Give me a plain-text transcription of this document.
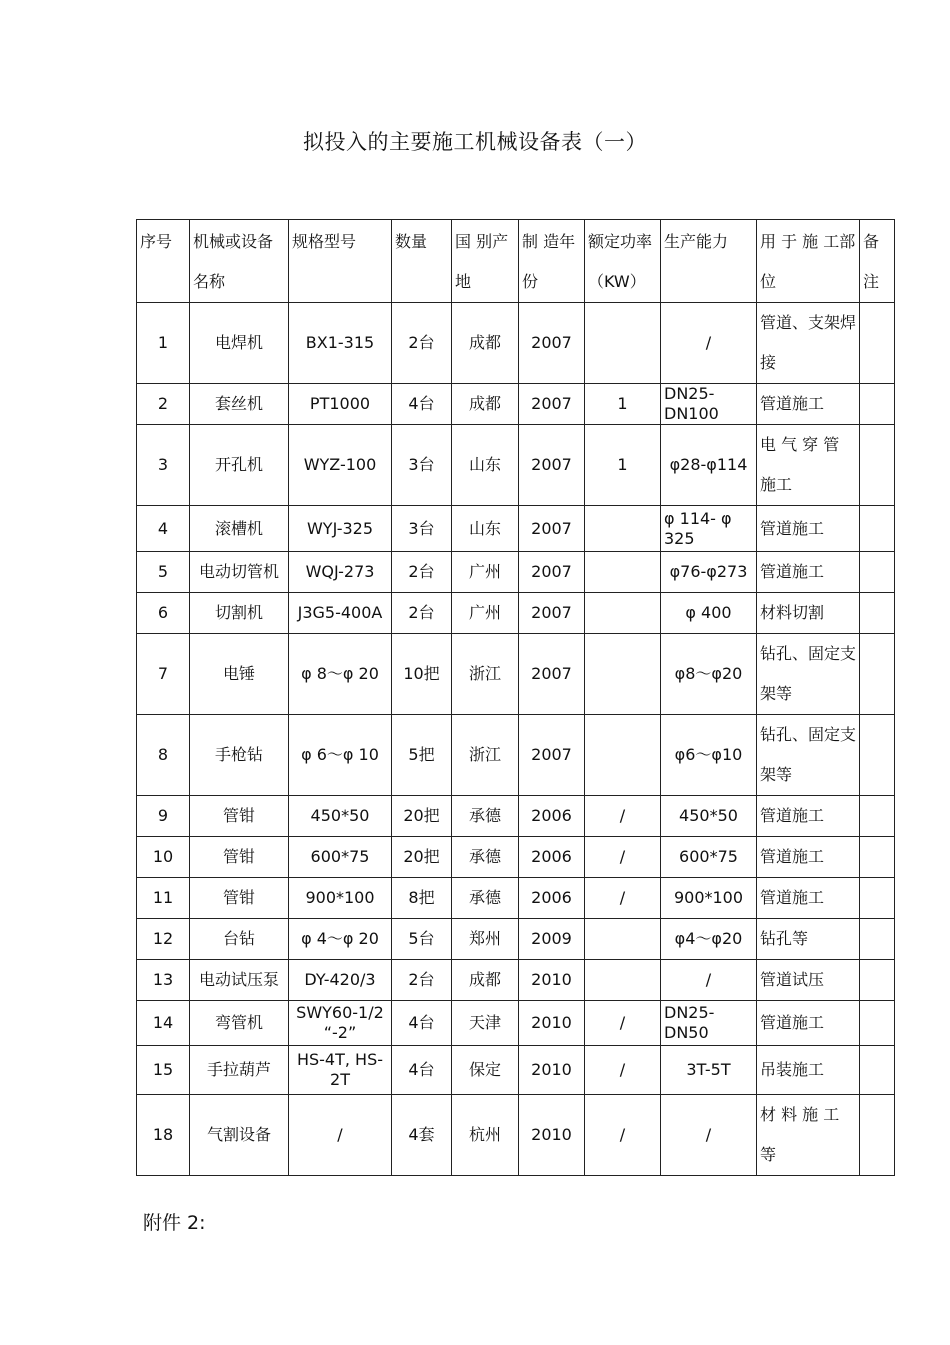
拟投入的主要施工机械设备表（一）
序号	机械或设备名称	规格型号	数量	国 别产地	制 造年份	额定功率（KW）	生产能力	用 于 施 工部位	备注
1	电焊机	BX1-315	2台	成都	2007		/	管道、支架焊接	
2	套丝机	PT1000	4台	成都	2007	1	DN25-DN100	管道施工	
3	开孔机	WYZ-100	3台	山东	2007	1	φ28-φ114	电 气 穿 管 施工	
4	滚槽机	WYJ-325	3台	山东	2007		φ 114- φ 325	管道施工	
5	电动切管机	WQJ-273	2台	广州	2007		φ76-φ273	管道施工	
6	切割机	J3G5-400A	2台	广州	2007		φ 400	材料切割	
7	电锤	φ 8～φ 20	10把	浙江	2007		φ8～φ20	钻孔、固定支架等	
8	手枪钻	φ 6～φ 10	5把	浙江	2007		φ6～φ10	钻孔、固定支架等	
9	管钳	450*50	20把	承德	2006	/	450*50	管道施工	
10	管钳	600*75	20把	承德	2006	/	600*75	管道施工	
11	管钳	900*100	8把	承德	2006	/	900*100	管道施工	
12	台钻	φ 4～φ 20	5台	郑州	2009		φ4～φ20	钻孔等	
13	电动试压泵	DY-420/3	2台	成都	2010		/	管道试压	
14	弯管机	SWY60-1/2 “-2”	4台	天津	2010	/	DN25- DN50	管道施工	
15	手拉葫芦	HS-4T, HS-2T	4台	保定	2010	/	3T-5T	吊装施工	
18	气割设备	/	4套	杭州	2010	/	/	材 料 施 工 等	
附件 2:
